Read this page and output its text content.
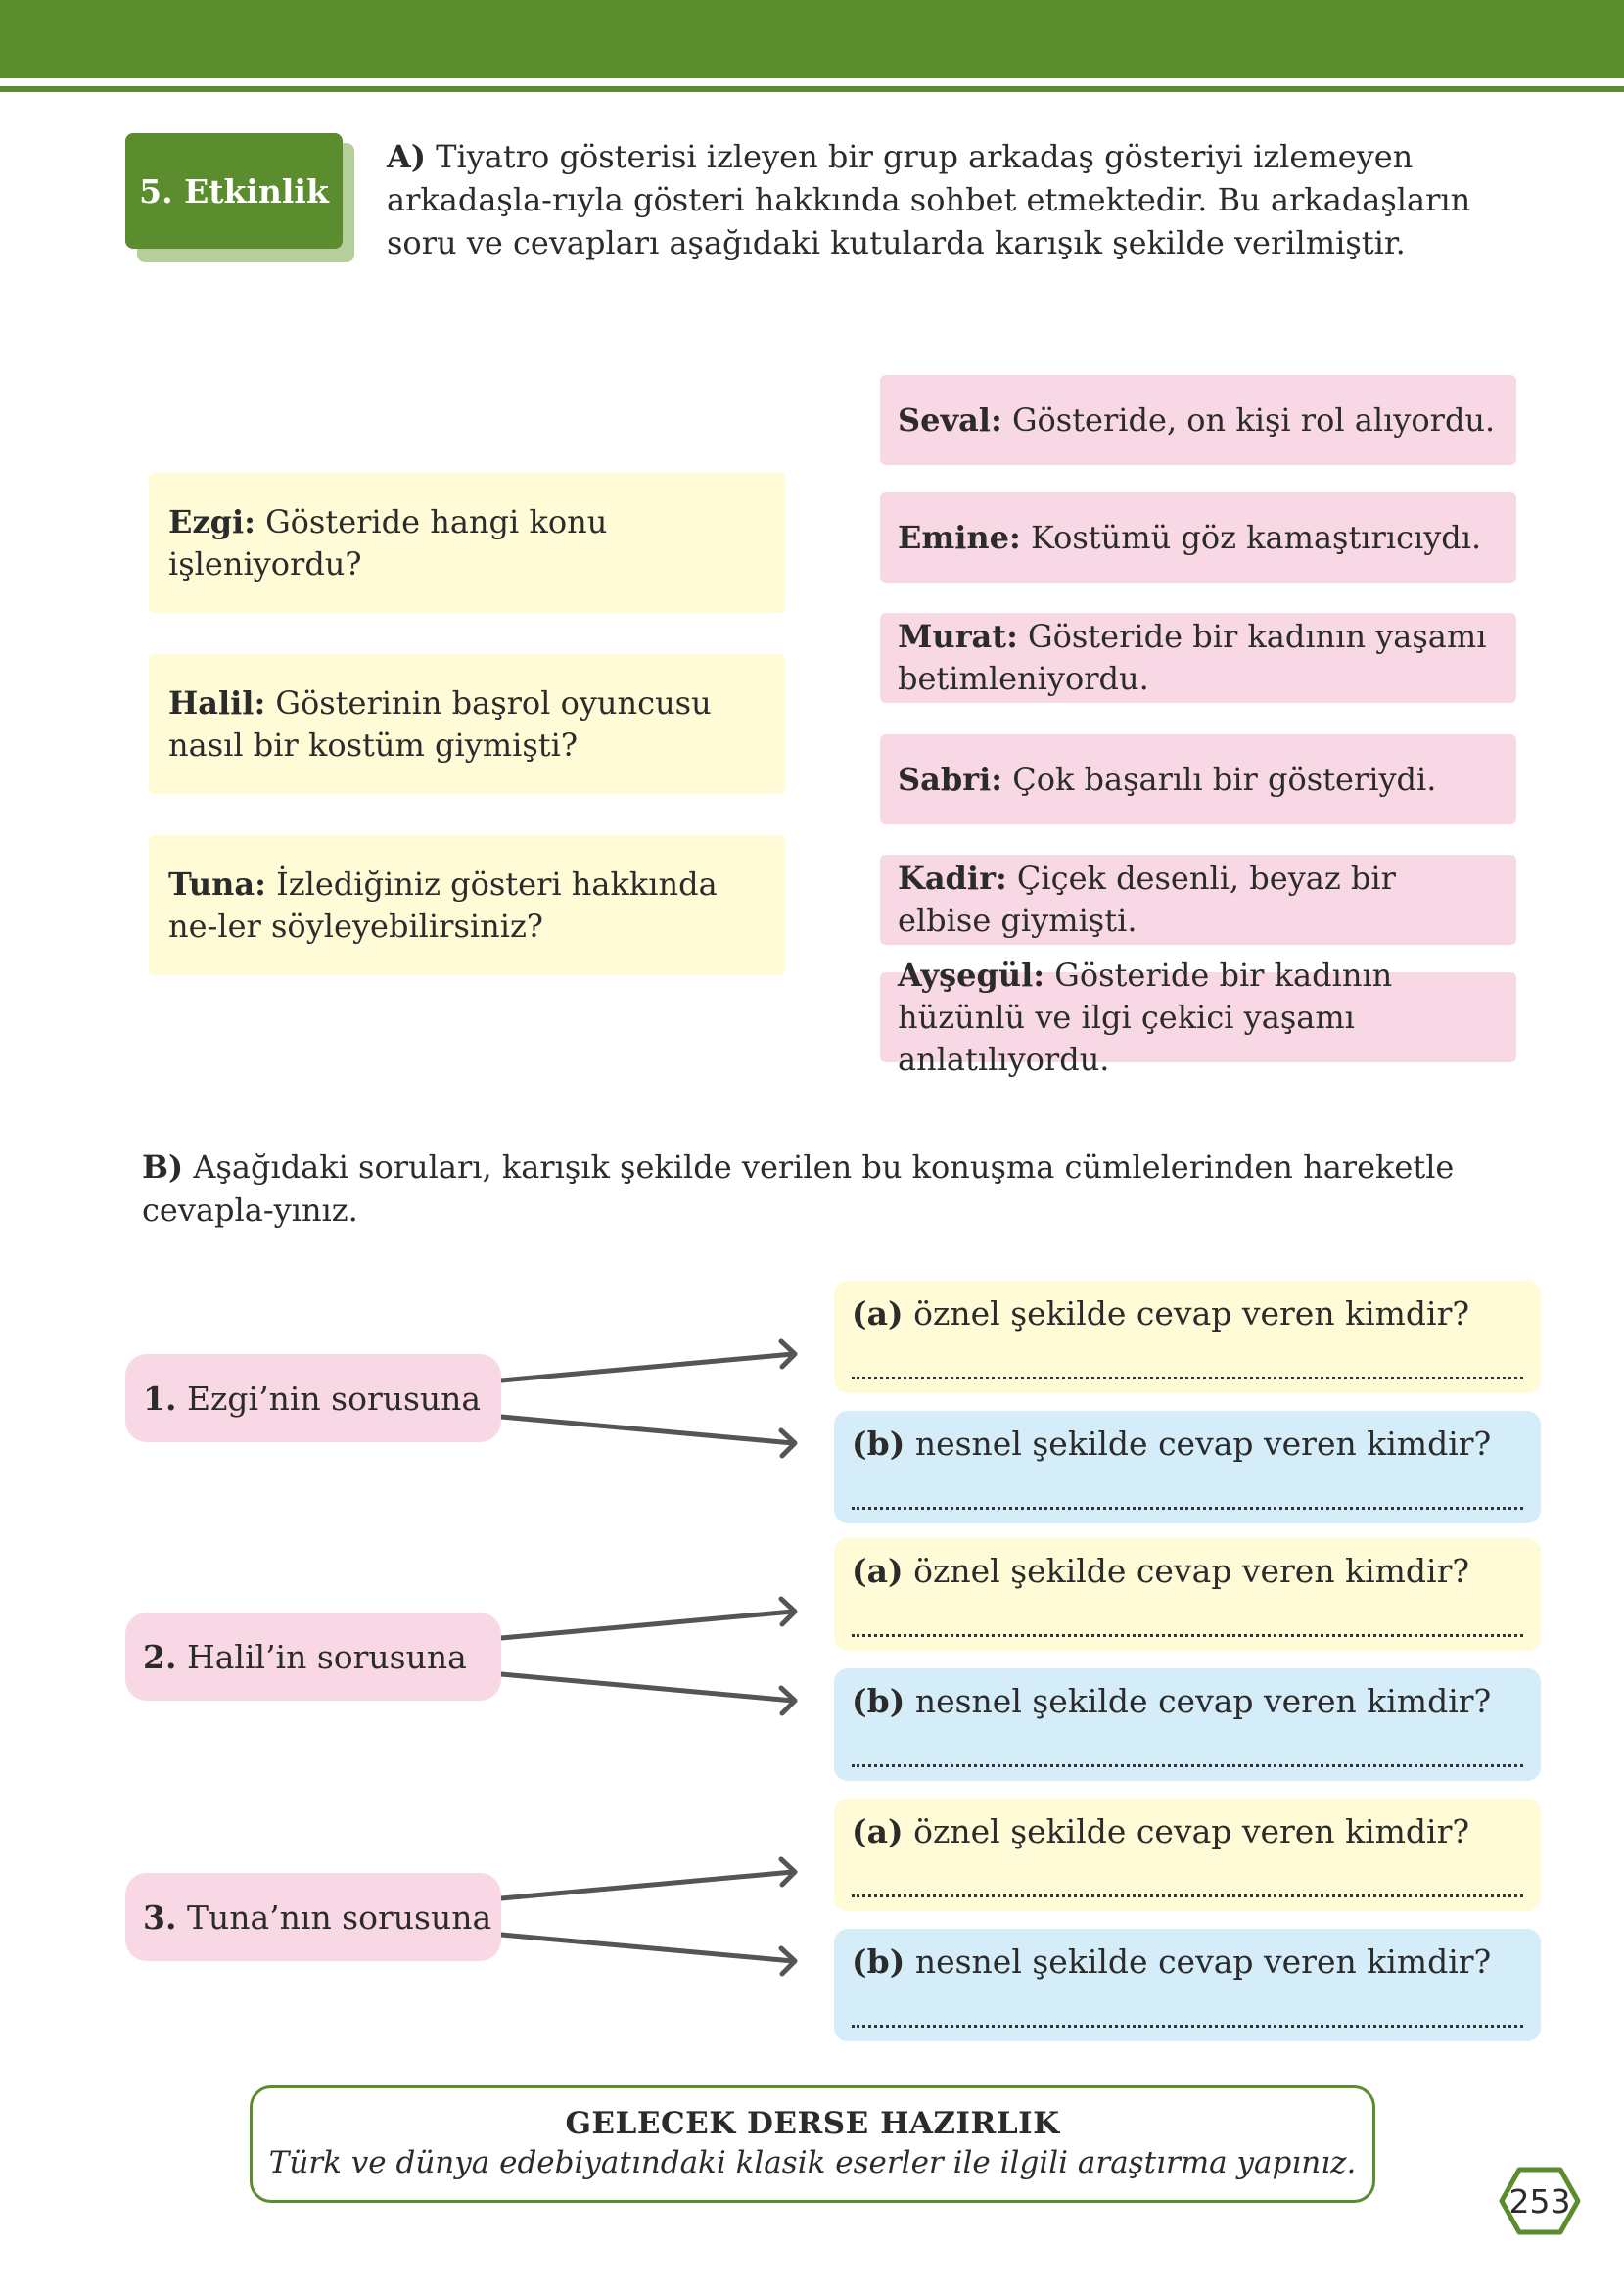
5. Etkinlik
A) Tiyatro gösterisi izleyen bir grup arkadaş gösteriyi izlemeyen arkadaşla-rıyla gösteri hakkında sohbet etmektedir. Bu arkadaşların soru ve cevapları aşağıdaki kutularda karışık şekilde verilmiştir.
Ezgi: Gösteride hangi konu işleniyordu?
Halil: Gösterinin başrol oyuncusu nasıl bir kostüm giymişti?
Tuna: İzlediğiniz gösteri hakkında ne-ler söyleyebilirsiniz?
Seval: Gösteride, on kişi rol alıyordu.
Emine: Kostümü göz kamaştırıcıydı.
Murat: Gösteride bir kadının yaşamı betimleniyordu.
Sabri: Çok başarılı bir gösteriydi.
Kadir: Çiçek desenli, beyaz bir elbise giymişti.
Ayşegül: Gösteride bir kadının hüzünlü ve ilgi çekici yaşamı anlatılıyordu.
B) Aşağıdaki soruları, karışık şekilde verilen bu konuşma cümlelerinden hareketle cevapla-yınız.
1. Ezgi’nin sorusuna
(a) öznel şekilde cevap veren kimdir?
(b) nesnel şekilde cevap veren kimdir?
2. Halil’in sorusuna
(a) öznel şekilde cevap veren kimdir?
(b) nesnel şekilde cevap veren kimdir?
3. Tuna’nın sorusuna
(a) öznel şekilde cevap veren kimdir?
(b) nesnel şekilde cevap veren kimdir?
GELECEK DERSE HAZIRLIK
Türk ve dünya edebiyatındaki klasik eserler ile ilgili araştırma yapınız.
253
